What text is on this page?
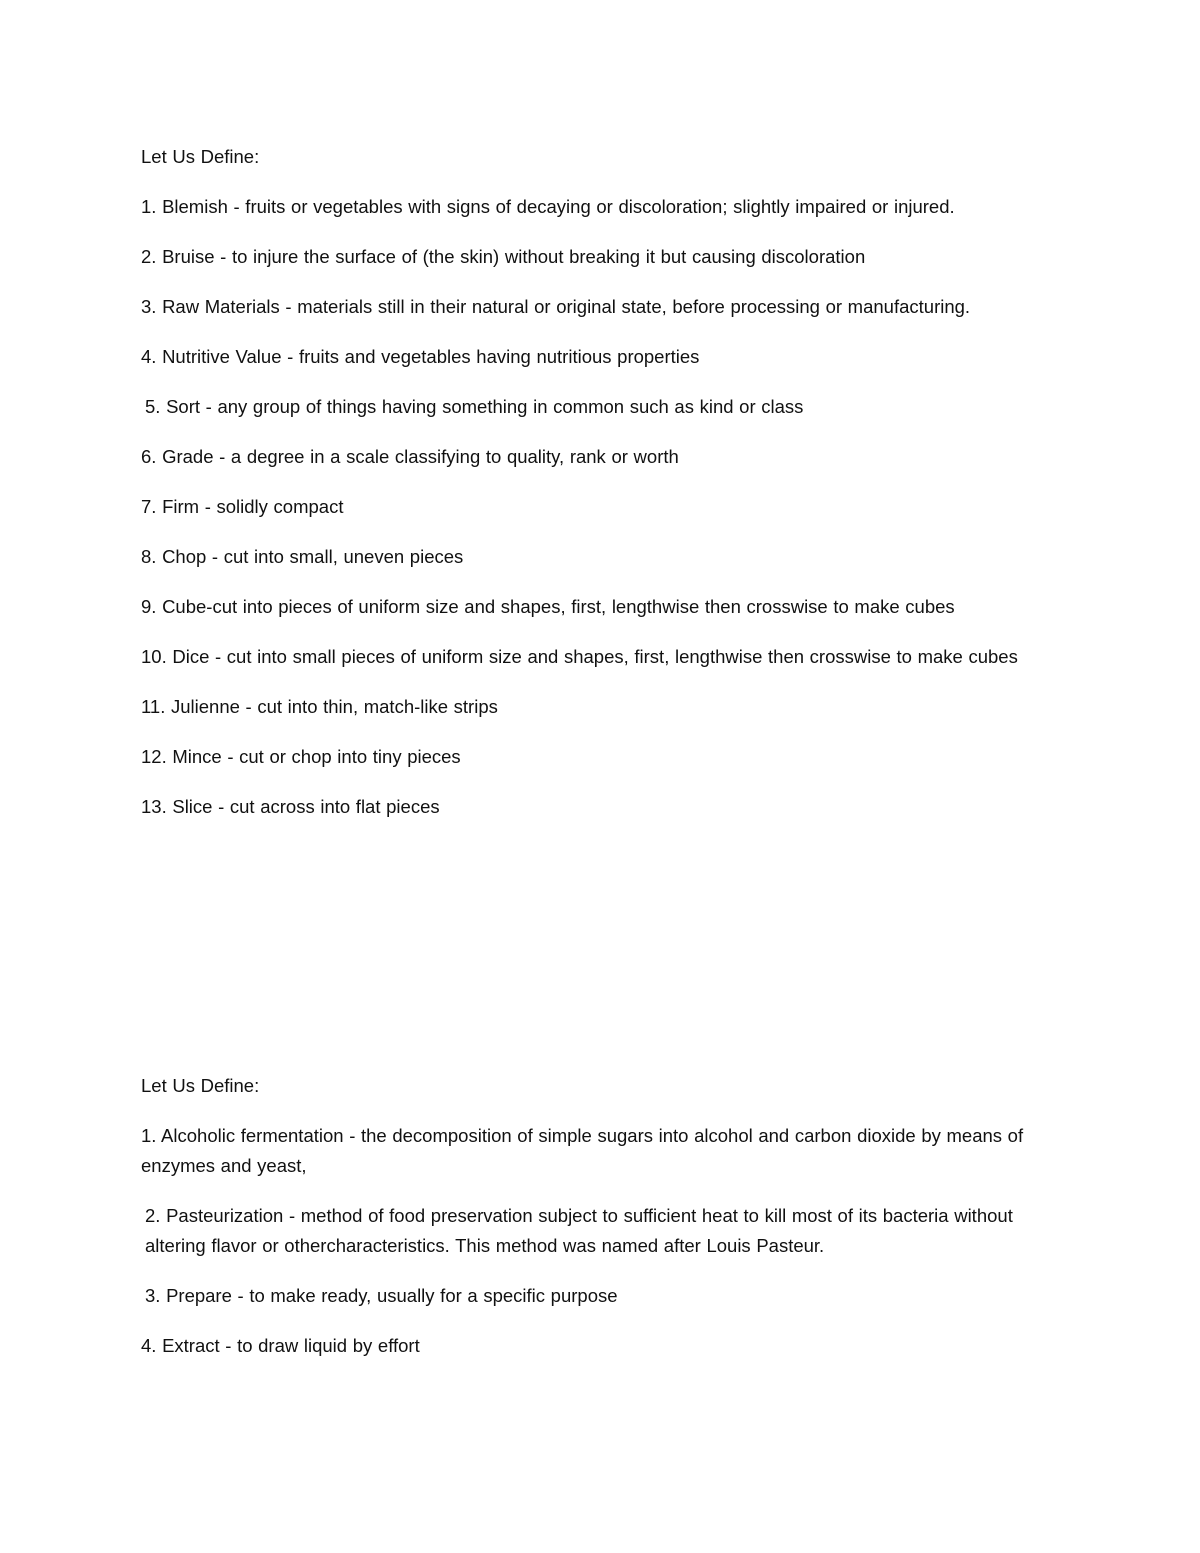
Let Us Define:

1. Blemish - fruits or vegetables with signs of decaying or discoloration; slightly impaired or injured.

2. Bruise - to injure the surface of (the skin) without breaking it but causing discoloration

3. Raw Materials - materials still in their natural or original state, before processing or manufacturing.

4. Nutritive Value - fruits and vegetables having nutritious properties

5. Sort - any group of things having something in common such as kind or class

6. Grade - a degree in a scale classifying to quality, rank or worth

7. Firm - solidly compact

8. Chop - cut into small, uneven pieces

9. Cube-cut into pieces of uniform size and shapes, first, lengthwise then crosswise to make cubes

10. Dice - cut into small pieces of uniform size and shapes, first, lengthwise then crosswise to make cubes

11. Julienne - cut into thin, match-like strips

12. Mince - cut or chop into tiny pieces

13. Slice - cut across into flat pieces

Let Us Define:

1. Alcoholic fermentation - the decomposition of simple sugars into alcohol and carbon dioxide by means of enzymes and yeast,

2. Pasteurization - method of food preservation subject to sufficient heat to kill most of its bacteria without altering flavor or othercharacteristics. This method was named after Louis Pasteur.

3. Prepare - to make ready, usually for a specific purpose

4. Extract - to draw liquid by effort
